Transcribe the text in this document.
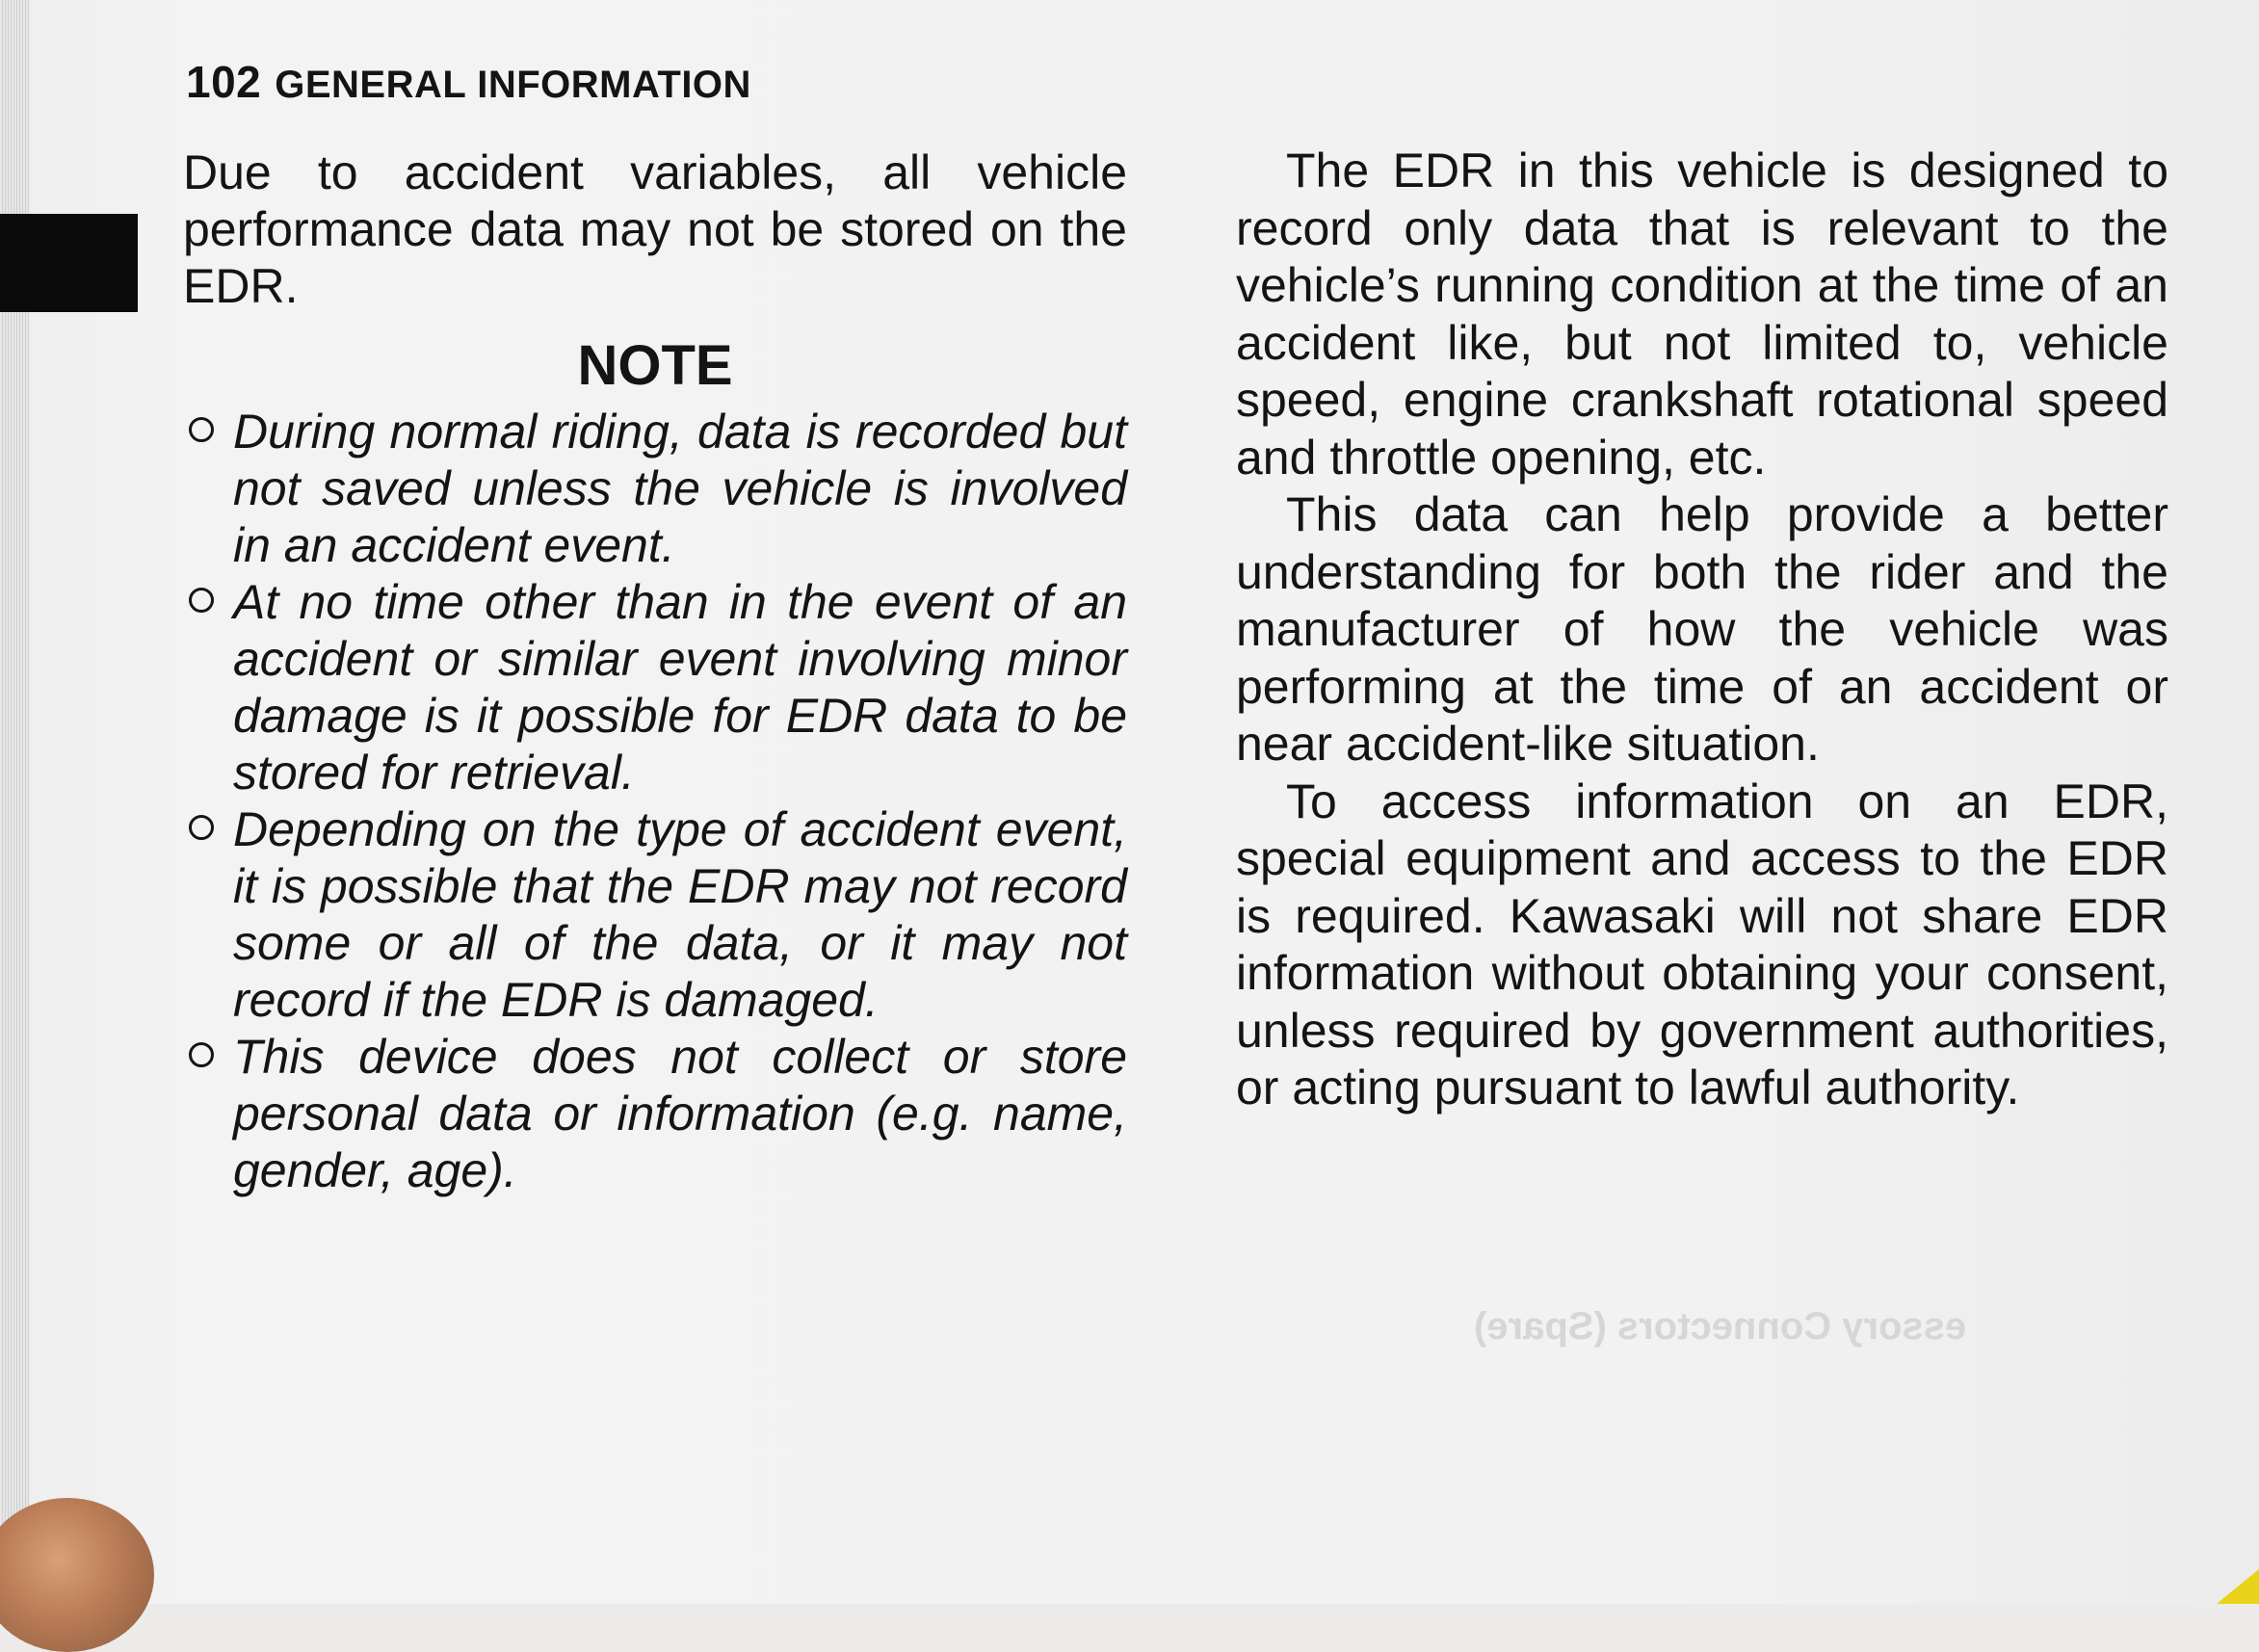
102 GENERAL INFORMATION

Due to accident variables, all vehicle performance data may not be stored on the EDR.

NOTE
During normal riding, data is recorded but not saved unless the vehicle is involved in an accident event.
At no time other than in the event of an accident or similar event involving minor damage is it possible for EDR data to be stored for retrieval.
Depending on the type of accident event, it is possible that the EDR may not record some or all of the data, or it may not record if the EDR is damaged.
This device does not collect or store personal data or information (e.g. name, gender, age).

The EDR in this vehicle is designed to record only data that is relevant to the vehicle’s running condition at the time of an accident like, but not limited to, vehicle speed, engine crankshaft rotational speed and throttle opening, etc.

This data can help provide a better understanding for both the rider and the manufacturer of how the vehicle was performing at the time of an accident or near accident-like situation.

To access information on an EDR, special equipment and access to the EDR is required. Kawasaki will not share EDR information without obtaining your consent, unless required by government authorities, or acting pursuant to lawful authority.

essory Connectors (Spare)
